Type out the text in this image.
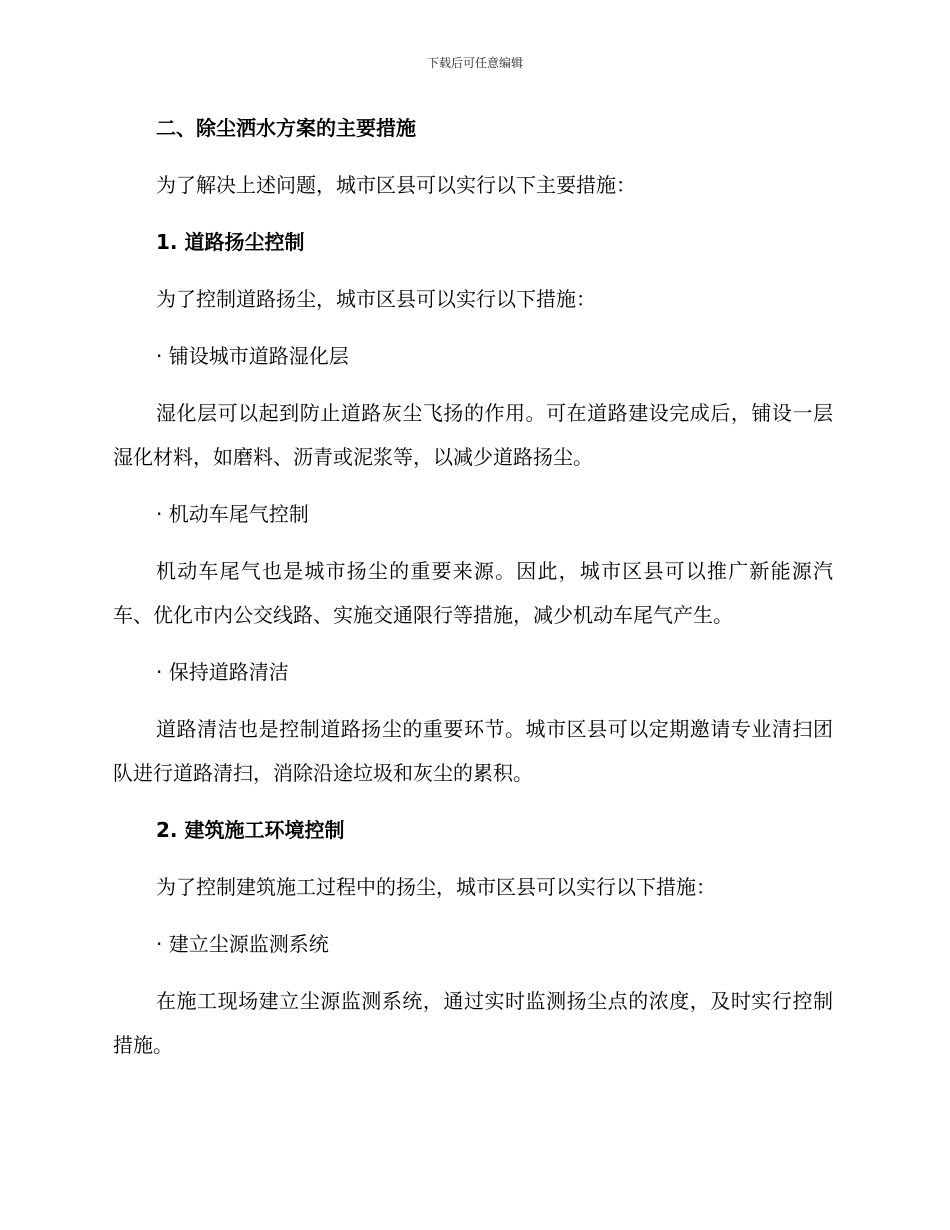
下载后可任意编辑

二、除尘洒水方案的主要措施

为了解决上述问题，城市区县可以实行以下主要措施：

1. 道路扬尘控制

为了控制道路扬尘，城市区县可以实行以下措施：

· 铺设城市道路湿化层

湿化层可以起到防止道路灰尘飞扬的作用。可在道路建设完成后，铺设一层湿化材料，如磨料、沥青或泥浆等，以减少道路扬尘。

· 机动车尾气控制

机动车尾气也是城市扬尘的重要来源。因此，城市区县可以推广新能源汽车、优化市内公交线路、实施交通限行等措施，减少机动车尾气产生。

· 保持道路清洁

道路清洁也是控制道路扬尘的重要环节。城市区县可以定期邀请专业清扫团队进行道路清扫，消除沿途垃圾和灰尘的累积。

2. 建筑施工环境控制

为了控制建筑施工过程中的扬尘，城市区县可以实行以下措施：

· 建立尘源监测系统

在施工现场建立尘源监测系统，通过实时监测扬尘点的浓度，及时实行控制措施。
